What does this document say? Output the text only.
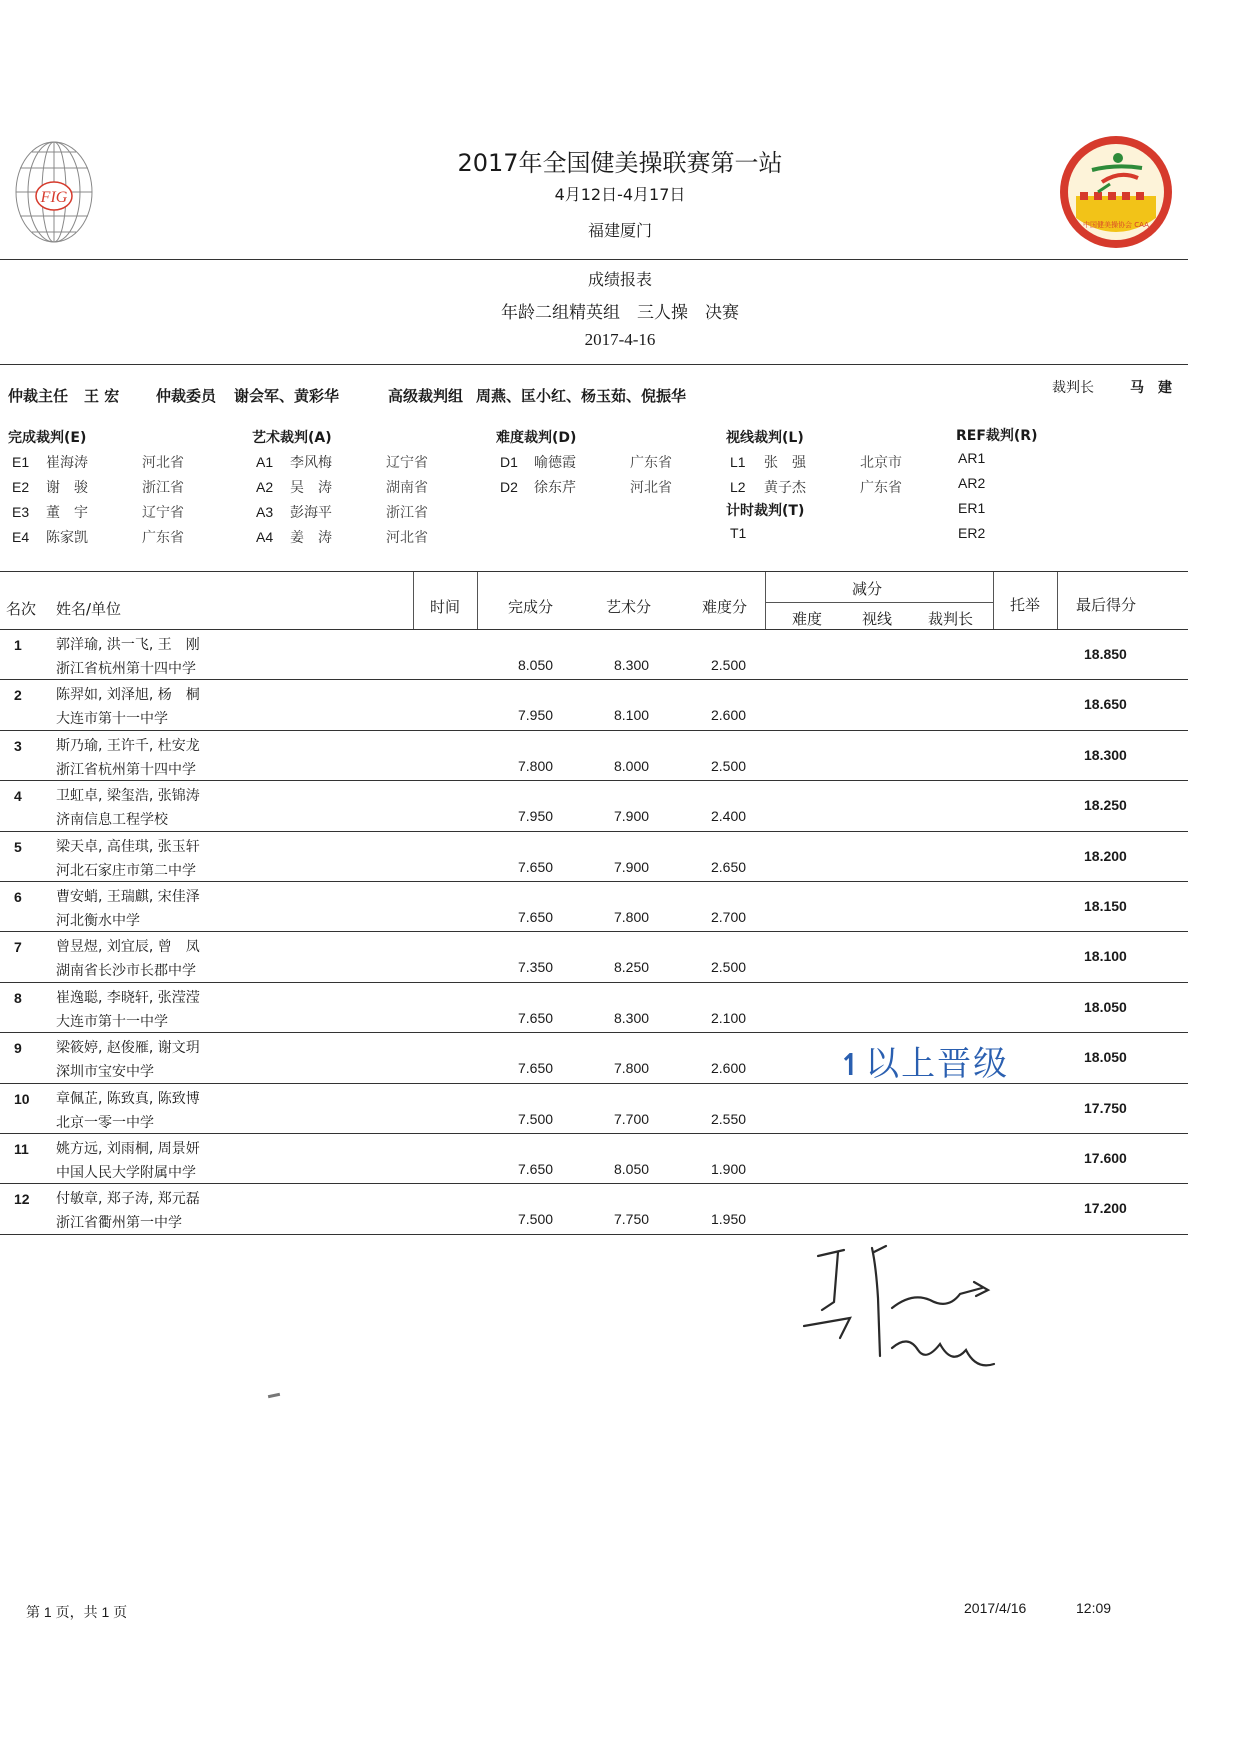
FIG
2017年全国健美操联赛第一站
4月12日-4月17日
福建厦门	中国健美操协会 CAA
成绩报表
年龄二组精英组　三人操　决赛
2017-4-16
仲裁主任 王 宏 仲裁委员 谢会军、黄彩华	高级裁判组 周燕、匡小红、杨玉茹、倪振华	裁判长	马　建
完成裁判(E)
E1 崔海涛	河北省
E2 谢　骏	浙江省
E3 董　宇	辽宁省
E4 陈家凯	广东省
艺术裁判(A)
A1 李风梅	辽宁省
A2 吴　涛	湖南省
A3 彭海平	浙江省
A4 姜　涛	河北省
难度裁判(D)
D1 喻德霞	广东省
D2 徐东芹	河北省
视线裁判(L)
L1 张　强	北京市
L2 黄子杰	广东省
计时裁判(T)
T1
REF裁判(R)
AR1
AR2
ER1
ER2
名次 姓名/单位	时间	完成分	艺术分	难度分
减分
难度	视线 裁判长
托举 最后得分
1 郭洋瑜, 洪一飞, 王　刚
浙江省杭州第十四中学	8.050	8.300	2.500
18.850
2 陈羿如, 刘泽旭, 杨　桐
大连市第十一中学	7.950	8.100	2.600
18.650
3 斯乃瑜, 王许千, 杜安龙
浙江省杭州第十四中学	7.800	8.000	2.500
18.300
4 卫虹卓, 梁玺浩, 张锦涛
济南信息工程学校	7.950	7.900	2.400
18.250
5 梁天卓, 高佳琪, 张玉轩
河北石家庄市第二中学	7.650	7.900	2.650
18.200
6 曹安蛸, 王瑞麒, 宋佳泽
河北衡水中学	7.650	7.800	2.700
18.150
7 曾昱煜, 刘宜辰, 曾　凤
湖南省长沙市长郡中学	7.350	8.250	2.500
18.100
8 崔逸聪, 李晓轩, 张滢滢
大连市第十一中学	7.650	8.300	2.100
18.050
9 梁筱婷, 赵俊雁, 谢文玥
深圳市宝安中学	7.650	7.800	2.600
18.050
10 章佩芷, 陈致真, 陈致博
北京一零一中学	7.500	7.700	2.550
17.750
11 姚方远, 刘雨桐, 周景妍
中国人民大学附属中学	7.650	8.050	1.900
17.600
12 付敏章, 郑子涛, 郑元磊
浙江省衢州第一中学	7.500	7.750	1.950
17.200
↿以上晋级
第 1 页，共 1 页	2017/4/16	12:09
